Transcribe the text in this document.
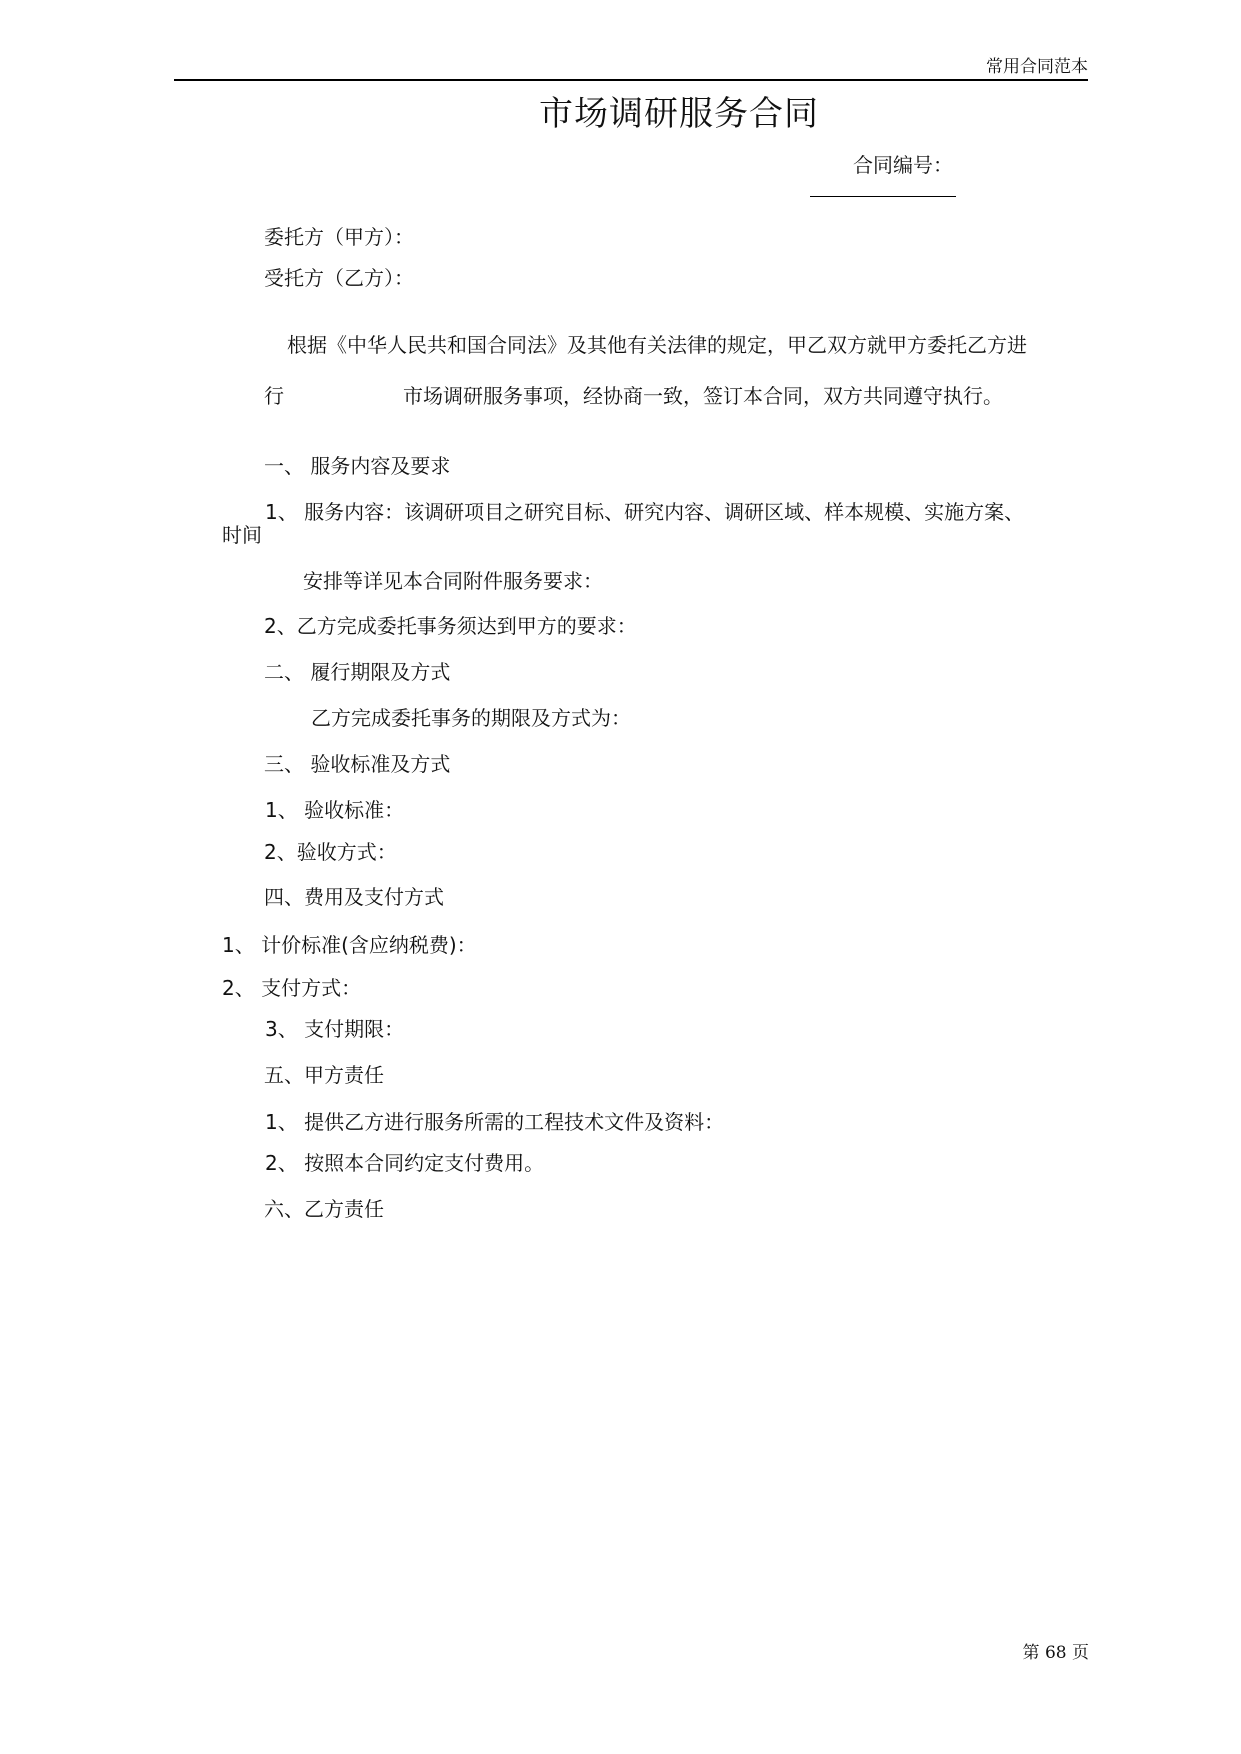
常用合同范本
市场调研服务合同
合同编号：
委托方（甲方）：
受托方（乙方）：
根据《中华人民共和国合同法》及其他有关法律的规定，甲乙双方就甲方委托乙方进
行	市场调研服务事项，经协商一致，签订本合同，双方共同遵守执行。
一、 服务内容及要求
1、 服务内容：该调研项目之研究目标、研究内容、调研区域、样本规模、实施方案、
时间
安排等详见本合同附件服务要求：
2、乙方完成委托事务须达到甲方的要求：
二、 履行期限及方式
乙方完成委托事务的期限及方式为：
三、 验收标准及方式
1、 验收标准：
2、验收方式：
四、费用及支付方式
1、 计价标准(含应纳税费)：
2、 支付方式：
3、 支付期限：
五、甲方责任
1、 提供乙方进行服务所需的工程技术文件及资料：
2、 按照本合同约定支付费用。
六、乙方责任
第 68 页
